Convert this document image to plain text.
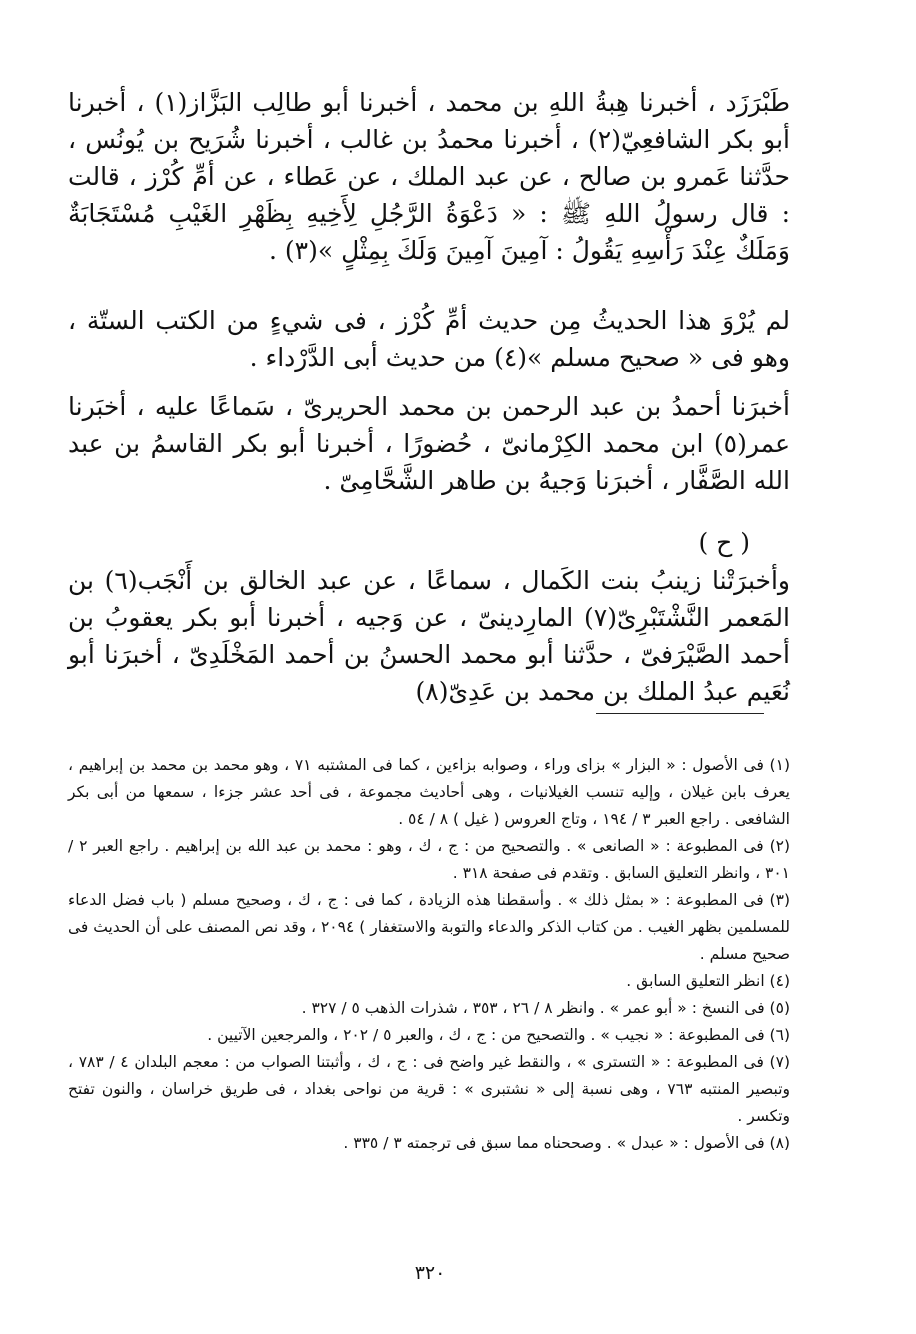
طَبْرَزَد ، أخبرنا هِبةُ اللهِ بن محمد ، أخبرنا أبو طالِب البَزَّاز(١) ، أخبرنا أبو بكر الشافعِيّ(٢) ، أخبرنا محمدُ بن غالب ، أخبرنا شُرَيح بن يُونُس ، حدَّثنا عَمرو بن صالح ، عن عبد الملك ، عن عَطاء ، عن أمِّ كُرْز ، قالت : قال رسولُ اللهِ ﷺ : « دَعْوَةُ الرَّجُلِ لِأَخِيهِ بِظَهْرِ الغَيْبِ مُسْتَجَابَةٌ وَمَلَكٌ عِنْدَ رَأْسِهِ يَقُولُ : آمِينَ آمِينَ وَلَكَ بِمِثْلٍ »(٣) .

لم يُرْوَ هذا الحديثُ مِن حديث أمِّ كُرْز ، فى شيءٍ من الكتب الستّة ، وهو فى « صحيح مسلم »(٤) من حديث أبى الدَّرْداء .

أخبرَنا أحمدُ بن عبد الرحمن بن محمد الحريرىّ ، سَماعًا عليه ، أخبَرنا عمر(٥) ابن محمد الكِرْمانىّ ، حُضورًا ، أخبرنا أبو بكر القاسمُ بن عبد الله الصَّفَّار ، أخبرَنا وَجيهُ بن طاهر الشَّحَّامِىّ .

( ح )

وأخبرَتْنا زينبُ بنت الكَمال ، سماعًا ، عن عبد الخالق بن أَنْجَب(٦) بن المَعمر النَّشْتَبْرِىّ(٧) المارِدينىّ ، عن وَجيه ، أخبرنا أبو بكر يعقوبُ بن أحمد الصَّيْرَفىّ ، حدَّثنا أبو محمد الحسنُ بن أحمد المَخْلَدِىّ ، أخبرَنا أبو نُعَيم عبدُ الملك بن محمد بن عَدِىّ(٨)

(١) فى الأصول : « البزار » بزاى وراء ، وصوابه بزاءين ، كما فى المشتبه ٧١ ، وهو محمد بن محمد بن إبراهيم ، يعرف بابن غيلان ، وإليه تنسب الغيلانيات ، وهى أحاديث مجموعة ، فى أحد عشر جزءا ، سمعها من أبى بكر الشافعى . راجع العبر ٣ / ١٩٤ ، وتاج العروس ( غيل ) ٨ / ٥٤ .

(٢) فى المطبوعة : « الصانعى » . والتصحيح من : ج ، ك ، وهو : محمد بن عبد الله بن إبراهيم . راجع العبر ٢ / ٣٠١ ، وانظر التعليق السابق . وتقدم فى صفحة ٣١٨ .

(٣) فى المطبوعة : « بمثل ذلك » . وأسقطنا هذه الزيادة ، كما فى : ج ، ك ، وصحيح مسلم ( باب فضل الدعاء للمسلمين بظهر الغيب . من كتاب الذكر والدعاء والتوبة والاستغفار ) ٢٠٩٤ ، وقد نص المصنف على أن الحديث فى صحيح مسلم .

(٤) انظر التعليق السابق .

(٥) فى النسخ : « أبو عمر » . وانظر ٨ / ٢٦ ، ٣٥٣ ، شذرات الذهب ٥ / ٣٢٧ .

(٦) فى المطبوعة : « نجيب » . والتصحيح من : ج ، ك ، والعبر ٥ / ٢٠٢ ، والمرجعين الآتيين .

(٧) فى المطبوعة : « التسترى » ، والنقط غير واضح فى : ج ، ك ، وأثبتنا الصواب من : معجم البلدان ٤ / ٧٨٣ ، وتبصير المنتبه ٧٦٣ ، وهى نسبة إلى « نشتبرى » : قرية من نواحى بغداد ، فى طريق خراسان ، والنون تفتح وتكسر .

(٨) فى الأصول : « عبدل » . وصححناه مما سبق فى ترجمته ٣ / ٣٣٥ .

٣٢٠
